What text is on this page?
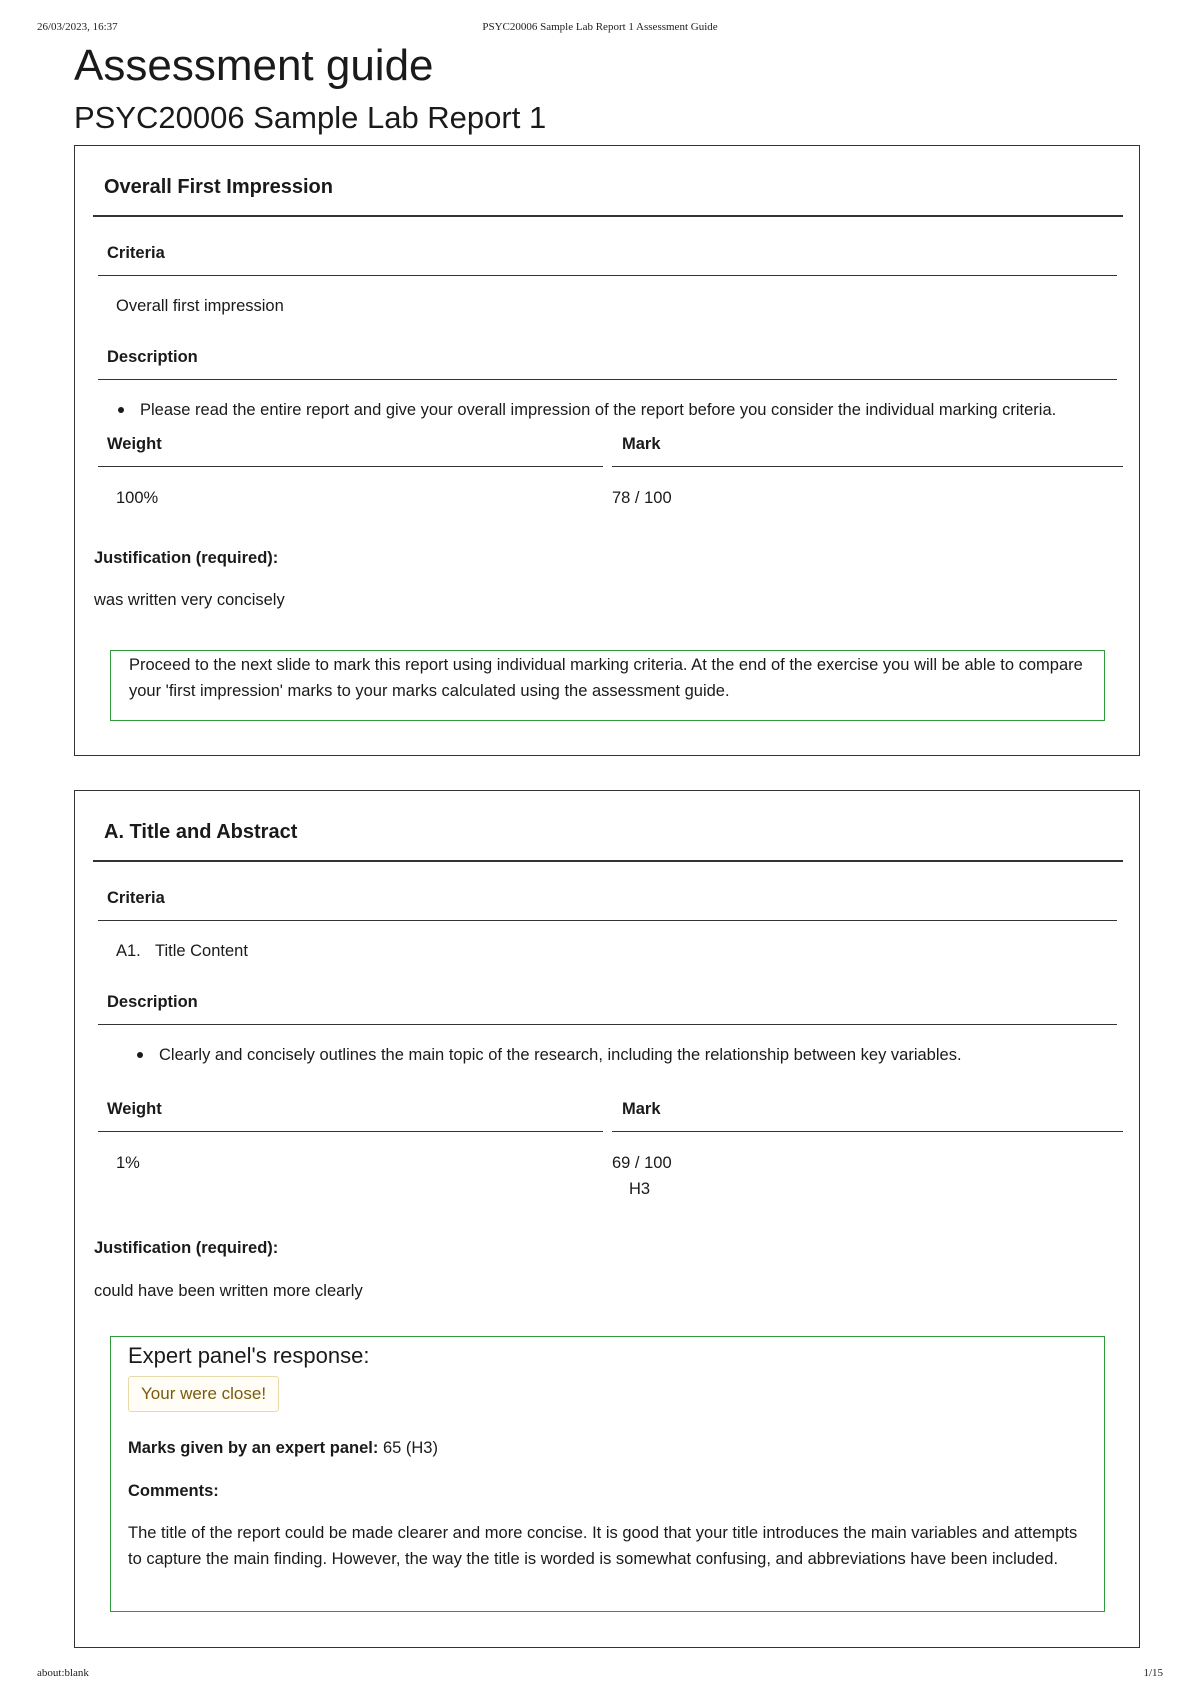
26/03/2023, 16:37	PSYC20006 Sample Lab Report 1 Assessment Guide
Assessment guide
PSYC20006 Sample Lab Report 1
Overall First Impression
Criteria
Overall first impression
Description
Please read the entire report and give your overall impression of the report before you consider the individual marking criteria.
Weight	Mark
100%	78 / 100
Justification (required):
was written very concisely
Proceed to the next slide to mark this report using individual marking criteria. At the end of the exercise you will be able to compare your 'first impression' marks to your marks calculated using the assessment guide.
A. Title and Abstract
Criteria
A1. Title Content
Description
Clearly and concisely outlines the main topic of the research, including the relationship between key variables.
Weight	Mark
1%	69 / 100
H3
Justification (required):
could have been written more clearly
Expert panel's response:
Your were close!
Marks given by an expert panel: 65 (H3)
Comments:
The title of the report could be made clearer and more concise. It is good that your title introduces the main variables and attempts to capture the main finding. However, the way the title is worded is somewhat confusing, and abbreviations have been included.
about:blank	1/15
